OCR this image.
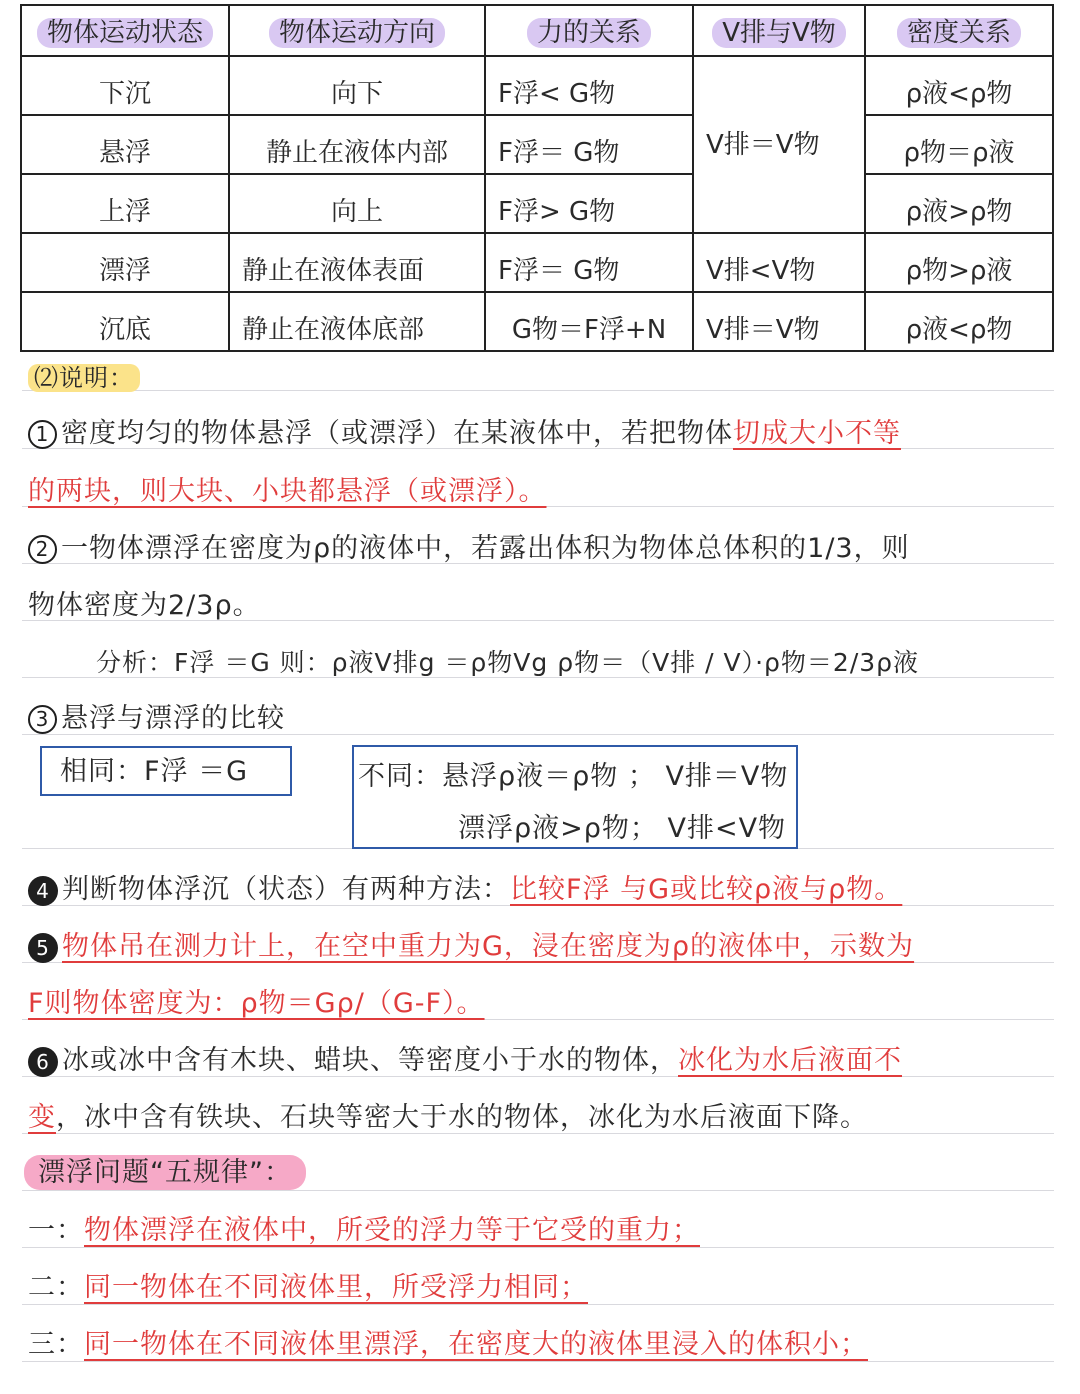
物体运动状态	物体运动方向	力的关系	V排与V物	密度关系
下沉	向下	F浮< G物	V排＝V物	ρ液<ρ物
悬浮	静止在液体内部	F浮＝ G物		ρ物＝ρ液
上浮	向上	F浮> G物		ρ液>ρ物
漂浮	静止在液体表面	F浮＝ G物	V排<V物	ρ物>ρ液
沉底	静止在液体底部	G物＝F浮+N	V排＝V物	ρ液<ρ物
⑵说明：
1 密度均匀的物体悬浮（或漂浮）在某液体中，若把物体切成大小不等
的两块，则大块、小块都悬浮（或漂浮）。
2 一物体漂浮在密度为ρ的液体中，若露出体积为物体总体积的1/3，则
物体密度为2/3ρ。
分析：F浮 ＝G 则：ρ液V排g ＝ρ物Vg ρ物＝（V排 / V）·ρ物＝2/3ρ液
3 悬浮与漂浮的比较
相同：F浮 ＝G	不同：悬浮ρ液＝ρ物 ； V排＝V物
漂浮ρ液>ρ物； V排<V物
4 判断物体浮沉（状态）有两种方法：比较F浮 与G或比较ρ液与ρ物。
5 物体吊在测力计上，在空中重力为G，浸在密度为ρ的液体中，示数为
F则物体密度为：ρ物＝Gρ/（G-F）。
6 冰或冰中含有木块、蜡块、等密度小于水的物体，冰化为水后液面不
变，冰中含有铁块、石块等密大于水的物体，冰化为水后液面下降。
漂浮问题“五规律”：
一：物体漂浮在液体中，所受的浮力等于它受的重力；
二：同一物体在不同液体里，所受浮力相同；
三：同一物体在不同液体里漂浮，在密度大的液体里浸入的体积小；
